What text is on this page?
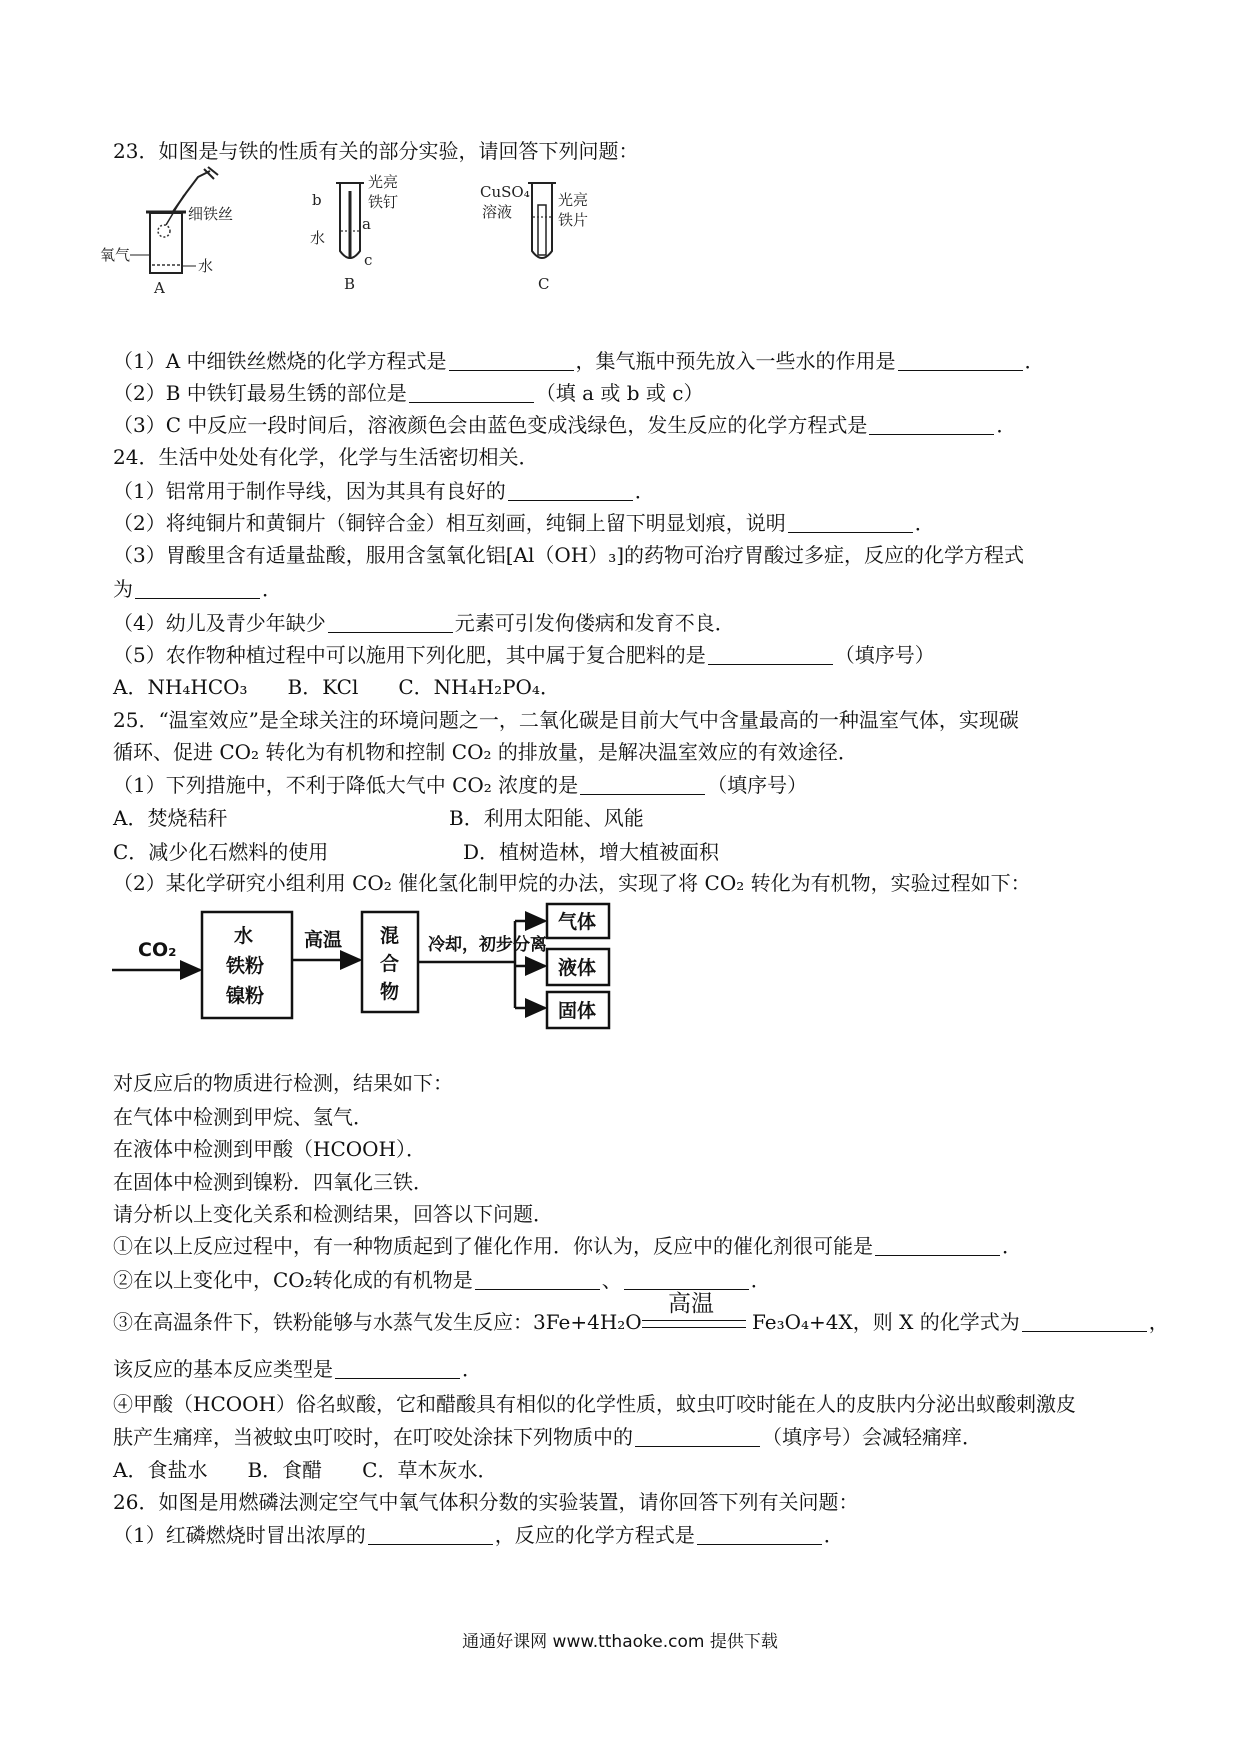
23．如图是与铁的性质有关的部分实验，请回答下列问题：
氧气
细铁丝
水
A
b
a
水
c
光亮
铁钉
B
CuSO₄
溶液
光亮
铁片
C
（1）A 中细铁丝燃烧的化学方程式是	，集气瓶中预先放入一些水的作用是	．
（2）B 中铁钉最易生锈的部位是	（填 a 或 b 或 c）
（3）C 中反应一段时间后，溶液颜色会由蓝色变成浅绿色，发生反应的化学方程式是	．
24．生活中处处有化学，化学与生活密切相关．
（1）铝常用于制作导线，因为其具有良好的	．
（2）将纯铜片和黄铜片（铜锌合金）相互刻画，纯铜上留下明显划痕，说明	．
（3）胃酸里含有适量盐酸，服用含氢氧化铝[Al（OH）₃]的药物可治疗胃酸过多症，反应的化学方程式
为	．
（4）幼儿及青少年缺少	元素可引发佝偻病和发育不良．
（5）农作物种植过程中可以施用下列化肥，其中属于复合肥料的是	（填序号）
A．NH₄HCO₃　　B．KCl　　C．NH₄H₂PO₄．
25．“温室效应”是全球关注的环境问题之一，二氧化碳是目前大气中含量最高的一种温室气体，实现碳
循环、促进 CO₂ 转化为有机物和控制 CO₂ 的排放量，是解决温室效应的有效途径．
（1）下列措施中，不利于降低大气中 CO₂ 浓度的是	（填序号）
A．焚烧秸秆	B．利用太阳能、风能
C．减少化石燃料的使用	D．植树造林，增大植被面积
（2）某化学研究小组利用 CO₂ 催化氢化制甲烷的办法，实现了将 CO₂ 转化为有机物，实验过程如下：
CO₂
水
铁粉
镍粉
高温 混
合
物
冷却，初步分离
气体
液体
固体
对反应后的物质进行检测，结果如下：
在气体中检测到甲烷、氢气．
在液体中检测到甲酸（HCOOH）．
在固体中检测到镍粉．四氧化三铁．
请分析以上变化关系和检测结果，回答以下问题．
①在以上反应过程中，有一种物质起到了催化作用．你认为，反应中的催化剂很可能是	．
②在以上变化中，CO₂转化成的有机物是	、	．
高温
③在高温条件下，铁粉能够与水蒸气发生反应：3Fe+4H₂O	Fe₃O₄+4X，则 X 的化学式为	，
该反应的基本反应类型是	．
④甲酸（HCOOH）俗名蚁酸，它和醋酸具有相似的化学性质，蚊虫叮咬时能在人的皮肤内分泌出蚁酸刺激皮
肤产生痛痒，当被蚊虫叮咬时，在叮咬处涂抹下列物质中的	（填序号）会减轻痛痒．
A．食盐水　　B．食醋　　C．草木灰水．
26．如图是用燃磷法测定空气中氧气体积分数的实验装置，请你回答下列有关问题：
（1）红磷燃烧时冒出浓厚的	，反应的化学方程式是	．
通通好课网 www.tthaoke.com 提供下载
